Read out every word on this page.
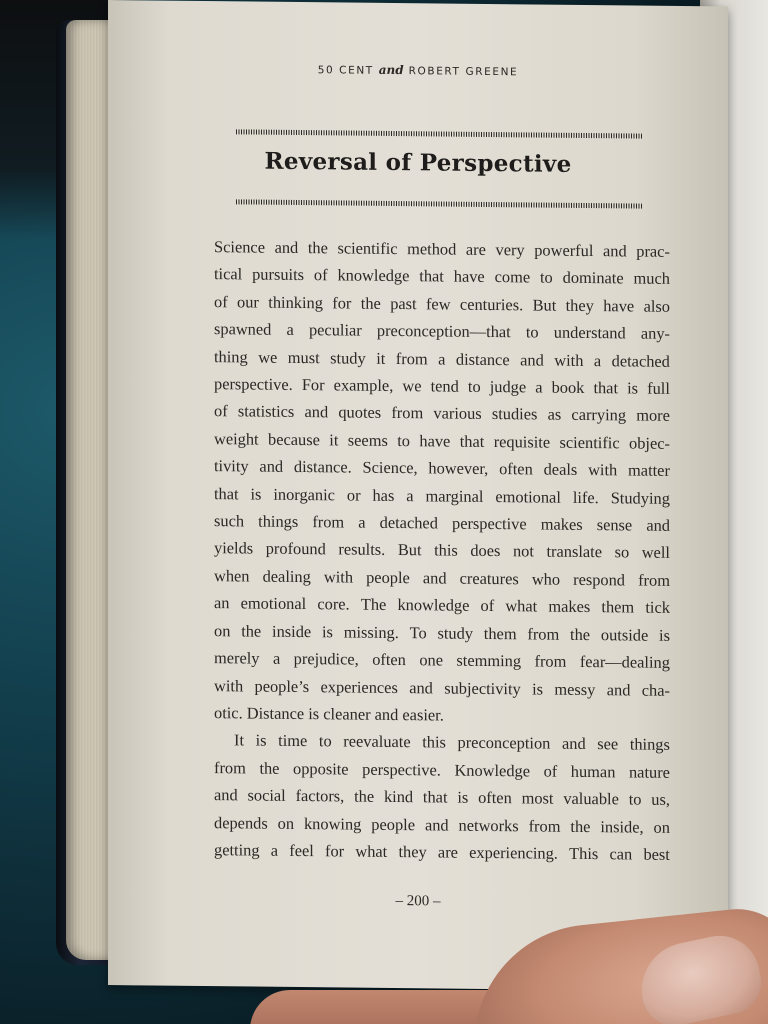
50 CENT and ROBERT GREENE
Reversal of Perspective
Science and the scientific method are very powerful and prac-
tical pursuits of knowledge that have come to dominate much
of our thinking for the past few centuries. But they have also
spawned a peculiar preconception—that to understand any-
thing we must study it from a distance and with a detached
perspective. For example, we tend to judge a book that is full
of statistics and quotes from various studies as carrying more
weight because it seems to have that requisite scientific objec-
tivity and distance. Science, however, often deals with matter
that is inorganic or has a marginal emotional life. Studying
such things from a detached perspective makes sense and
yields profound results. But this does not translate so well
when dealing with people and creatures who respond from
an emotional core. The knowledge of what makes them tick
on the inside is missing. To study them from the outside is
merely a prejudice, often one stemming from fear—dealing
with people’s experiences and subjectivity is messy and cha-
otic. Distance is cleaner and easier.
It is time to reevaluate this preconception and see things
from the opposite perspective. Knowledge of human nature
and social factors, the kind that is often most valuable to us,
depends on knowing people and networks from the inside, on
getting a feel for what they are experiencing. This can best
– 200 –
